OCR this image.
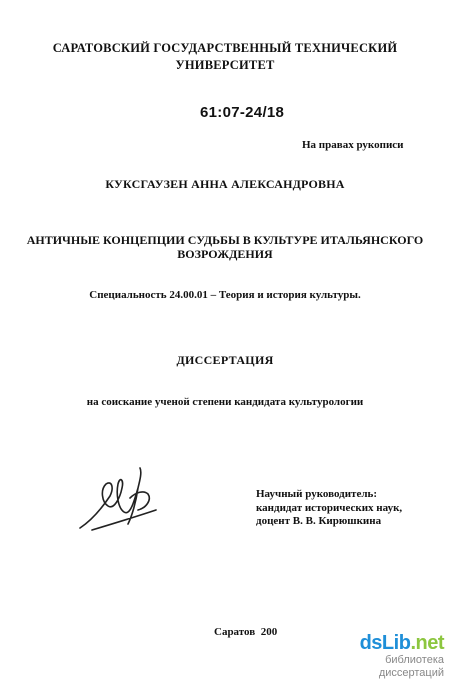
САРАТОВСКИЙ ГОСУДАРСТВЕННЫЙ ТЕХНИЧЕСКИЙ
УНИВЕРСИТЕТ
61:07-24/18
На правах рукописи
КУКСГАУЗЕН АННА АЛЕКСАНДРОВНА
АНТИЧНЫЕ КОНЦЕПЦИИ СУДЬБЫ В КУЛЬТУРЕ ИТАЛЬЯНСКОГО
ВОЗРОЖДЕНИЯ
Специальность 24.00.01 – Теория и история культуры.
ДИССЕРТАЦИЯ
на соискание ученой степени кандидата культурологии
Научный руководитель:
кандидат исторических наук,
доцент В. В. Кирюшкина
Саратов  200	dsLib.net
библиотека диссертаций
